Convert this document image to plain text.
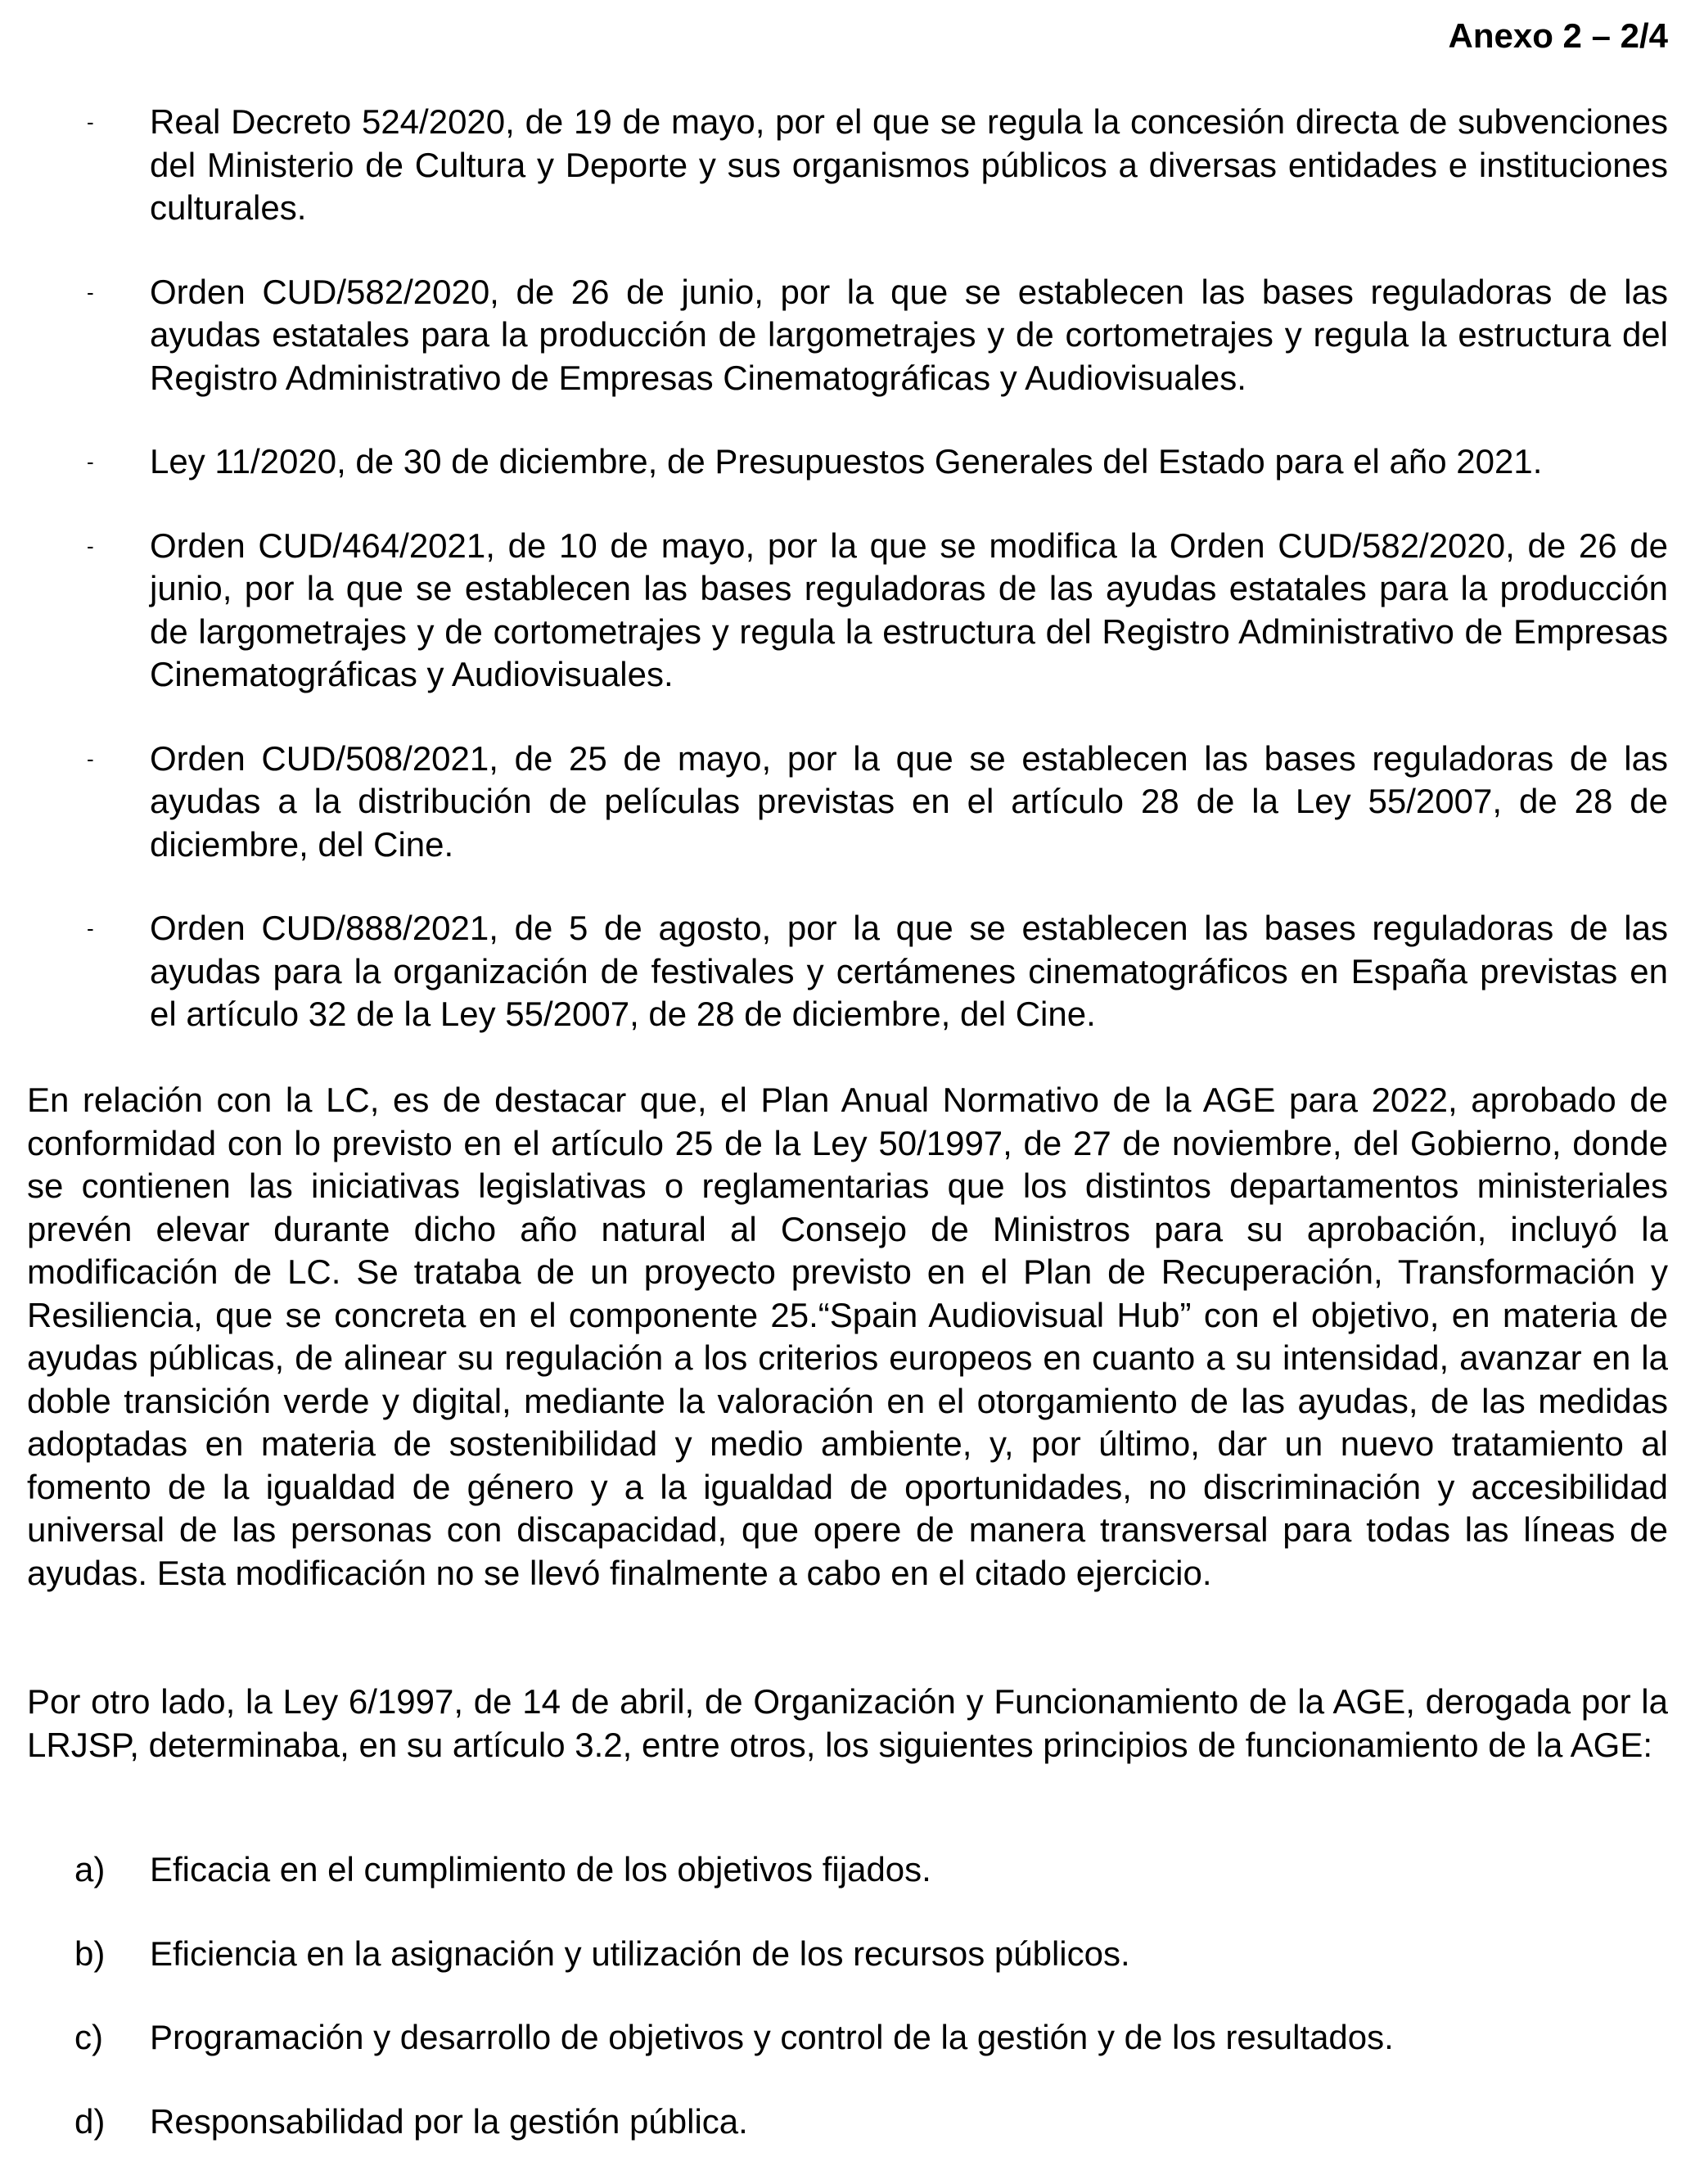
Anexo 2 – 2/4
- Real Decreto 524/2020, de 19 de mayo, por el que se regula la concesión directa de subvenciones del Ministerio de Cultura y Deporte y sus organismos públicos a diversas entidades e instituciones culturales.
- Orden CUD/582/2020, de 26 de junio, por la que se establecen las bases reguladoras de las ayudas estatales para la producción de largometrajes y de cortometrajes y regula la estructura del Registro Administrativo de Empresas Cinematográficas y Audiovisuales.
- Ley 11/2020, de 30 de diciembre, de Presupuestos Generales del Estado para el año 2021.
- Orden CUD/464/2021, de 10 de mayo, por la que se modifica la Orden CUD/582/2020, de 26 de junio, por la que se establecen las bases reguladoras de las ayudas estatales para la producción de largometrajes y de cortometrajes y regula la estructura del Registro Administrativo de Empresas Cinematográficas y Audiovisuales.
- Orden CUD/508/2021, de 25 de mayo, por la que se establecen las bases reguladoras de las ayudas a la distribución de películas previstas en el artículo 28 de la Ley 55/2007, de 28 de diciembre, del Cine.
- Orden CUD/888/2021, de 5 de agosto, por la que se establecen las bases reguladoras de las ayudas para la organización de festivales y certámenes cinematográficos en España previstas en el artículo 32 de la Ley 55/2007, de 28 de diciembre, del Cine.

En relación con la LC, es de destacar que, el Plan Anual Normativo de la AGE para 2022, aprobado de conformidad con lo previsto en el artículo 25 de la Ley 50/1997, de 27 de noviembre, del Gobierno, donde se contienen las iniciativas legislativas o reglamentarias que los distintos departamentos ministeriales prevén elevar durante dicho año natural al Consejo de Ministros para su aprobación, incluyó la modificación de LC. Se trataba de un proyecto previsto en el Plan de Recuperación, Transformación y Resiliencia, que se concreta en el componente 25.“Spain Audiovisual Hub” con el objetivo, en materia de ayudas públicas, de alinear su regulación a los criterios europeos en cuanto a su intensidad, avanzar en la doble transición verde y digital, mediante la valoración en el otorgamiento de las ayudas, de las medidas adoptadas en materia de sostenibilidad y medio ambiente, y, por último, dar un nuevo tratamiento al fomento de la igualdad de género y a la igualdad de oportunidades, no discriminación y accesibilidad universal de las personas con discapacidad, que opere de manera transversal para todas las líneas de ayudas. Esta modificación no se llevó finalmente a cabo en el citado ejercicio.

Por otro lado, la Ley 6/1997, de 14 de abril, de Organización y Funcionamiento de la AGE, derogada por la LRJSP, determinaba, en su artículo 3.2, entre otros, los siguientes principios de funcionamiento de la AGE:

a) Eficacia en el cumplimiento de los objetivos fijados.
b) Eficiencia en la asignación y utilización de los recursos públicos.
c) Programación y desarrollo de objetivos y control de la gestión y de los resultados.
d) Responsabilidad por la gestión pública.
